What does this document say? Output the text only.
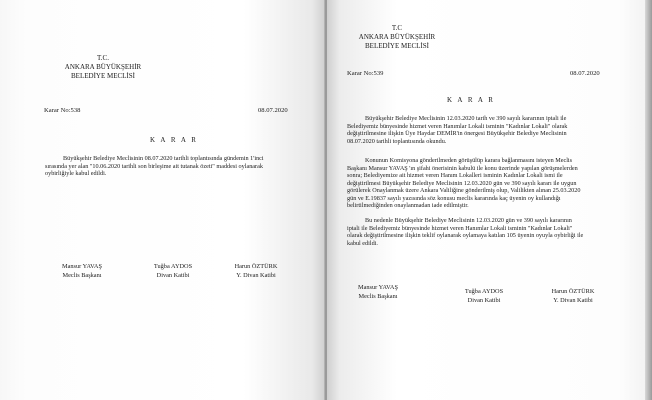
T.C.
ANKARA BÜYÜKŞEHİR
BELEDİYE MECLİSİ
Karar No:538	08.07.2020
K A R A R
Büyükşehir Belediye Meclisinin 08.07.2020 tarihli toplantısında gündemin 1'inci
sırasında yer alan "10.06.2020 tarihli son birleşime ait tutanak özeti" maddesi oylanarak
oybirliğiyle kabul edildi.
Mansur YAVAŞ
Meclis Başkanı
Tuğba AYDOS
Divan Katibi
Harun ÖZTÜRK
Y. Divan Katibi
T.C
ANKARA BÜYÜKŞEHİR
BELEDİYE MECLİSİ
Karar No:539	08.07.2020
K A R A R
Büyükşehir Belediye Meclisinin 12.03.2020 tarih ve 390 sayılı kararının iptali ile
Belediyemiz bünyesinde hizmet veren Hanımlar Lokali isminin "Kadınlar Lokali" olarak
değiştirilmesine ilişkin Üye Haydar DEMİR'in önergesi Büyükşehir Belediye Meclisinin
08.07.2020 tarihli toplantısında okundu.
Konunun Komisyona gönderilmeden görüşülüp karara bağlanmasını isteyen Meclis
Başkanı Mansur YAVAŞ 'ın şifahi önerisinin kabulü ile konu üzerinde yapılan görüşmelerden
sonra; Belediyemize ait hizmet veren Hanım Lokalleri isminin Kadınlar Lokali ismi ile
değiştirilmesi Büyükşehir Belediye Meclisinin 12.03.2020 gün ve 390 sayılı kararı ile uygun
görülerek Onaylanmak üzere Ankara Valiliğine gönderilmiş olup, Valilikten alınan 25.03.2020
gün ve E.19837 sayılı yazısında söz konusu meclis kararında kaç üyenin oy kullandığı
belirtilmediğinden onaylanmadan iade edilmiştir.
Bu nedenle Büyükşehir Belediye Meclisinin 12.03.2020 gün ve 390 sayılı kararının
iptali ile Belediyemiz bünyesinde hizmet veren Hanımlar Lokali isminin "Kadınlar Lokali"
olarak değiştirilmesine ilişkin teklif oylanarak oylamaya katılan 105 üyenin oyuyla oybirliği ile
kabul edildi.
Mansur YAVAŞ
Meclis Başkanı
Tuğba AYDOS
Divan Katibi
Harun ÖZTÜRK
Y. Divan Katibi
